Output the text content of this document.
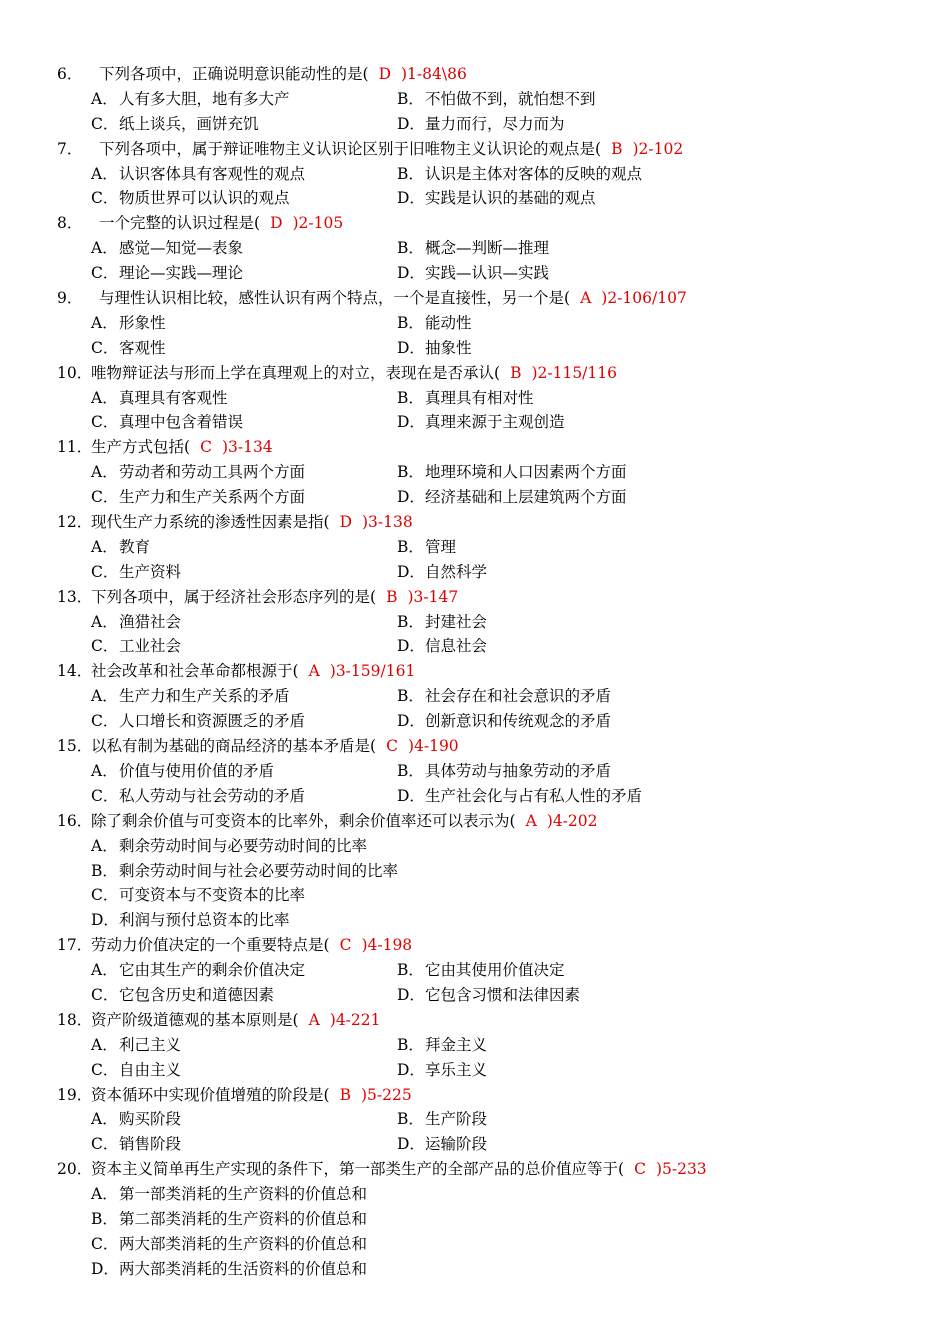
6． 下列各项中，正确说明意识能动性的是( D )1-84\86
A．人有多大胆，地有多大产	B．不怕做不到，就怕想不到
C．纸上谈兵，画饼充饥	D．量力而行，尽力而为
7． 下列各项中，属于辩证唯物主义认识论区别于旧唯物主义认识论的观点是( B )2-102
A．认识客体具有客观性的观点	B．认识是主体对客体的反映的观点
C．物质世界可以认识的观点	D．实践是认识的基础的观点
8． 一个完整的认识过程是( D )2-105
A．感觉—知觉—表象	B．概念—判断—推理
C．理论—实践—理论	D．实践—认识—实践
9． 与理性认识相比较，感性认识有两个特点，一个是直接性，另一个是( A )2-106/107
A．形象性	B．能动性
C．客观性	D．抽象性
10．唯物辩证法与形而上学在真理观上的对立，表现在是否承认( B )2-115/116
A．真理具有客观性	B．真理具有相对性
C．真理中包含着错误	D．真理来源于主观创造
11．生产方式包括( C )3-134
A．劳动者和劳动工具两个方面	B．地理环境和人口因素两个方面
C．生产力和生产关系两个方面	D．经济基础和上层建筑两个方面
12．现代生产力系统的渗透性因素是指( D )3-138
A．教育	B．管理
C．生产资料	D．自然科学
13．下列各项中，属于经济社会形态序列的是( B )3-147
A．渔猎社会	B．封建社会
C．工业社会	D．信息社会
14．社会改革和社会革命都根源于( A )3-159/161
A．生产力和生产关系的矛盾	B．社会存在和社会意识的矛盾
C．人口增长和资源匮乏的矛盾	D．创新意识和传统观念的矛盾
15．以私有制为基础的商品经济的基本矛盾是( C )4-190
A．价值与使用价值的矛盾	B．具体劳动与抽象劳动的矛盾
C．私人劳动与社会劳动的矛盾	D．生产社会化与占有私人性的矛盾
16．除了剩余价值与可变资本的比率外，剩余价值率还可以表示为( A )4-202
A．剩余劳动时间与必要劳动时间的比率
B．剩余劳动时间与社会必要劳动时间的比率
C．可变资本与不变资本的比率
D．利润与预付总资本的比率
17．劳动力价值决定的一个重要特点是( C )4-198
A．它由其生产的剩余价值决定	B．它由其使用价值决定
C．它包含历史和道德因素	D．它包含习惯和法律因素
18．资产阶级道德观的基本原则是( A )4-221
A．利己主义	B．拜金主义
C．自由主义	D．享乐主义
19．资本循环中实现价值增殖的阶段是( B )5-225
A．购买阶段	B．生产阶段
C．销售阶段	D．运输阶段
20．资本主义简单再生产实现的条件下，第一部类生产的全部产品的总价值应等于( C )5-233
A．第一部类消耗的生产资料的价值总和
B．第二部类消耗的生产资料的价值总和
C．两大部类消耗的生产资料的价值总和
D．两大部类消耗的生活资料的价值总和
